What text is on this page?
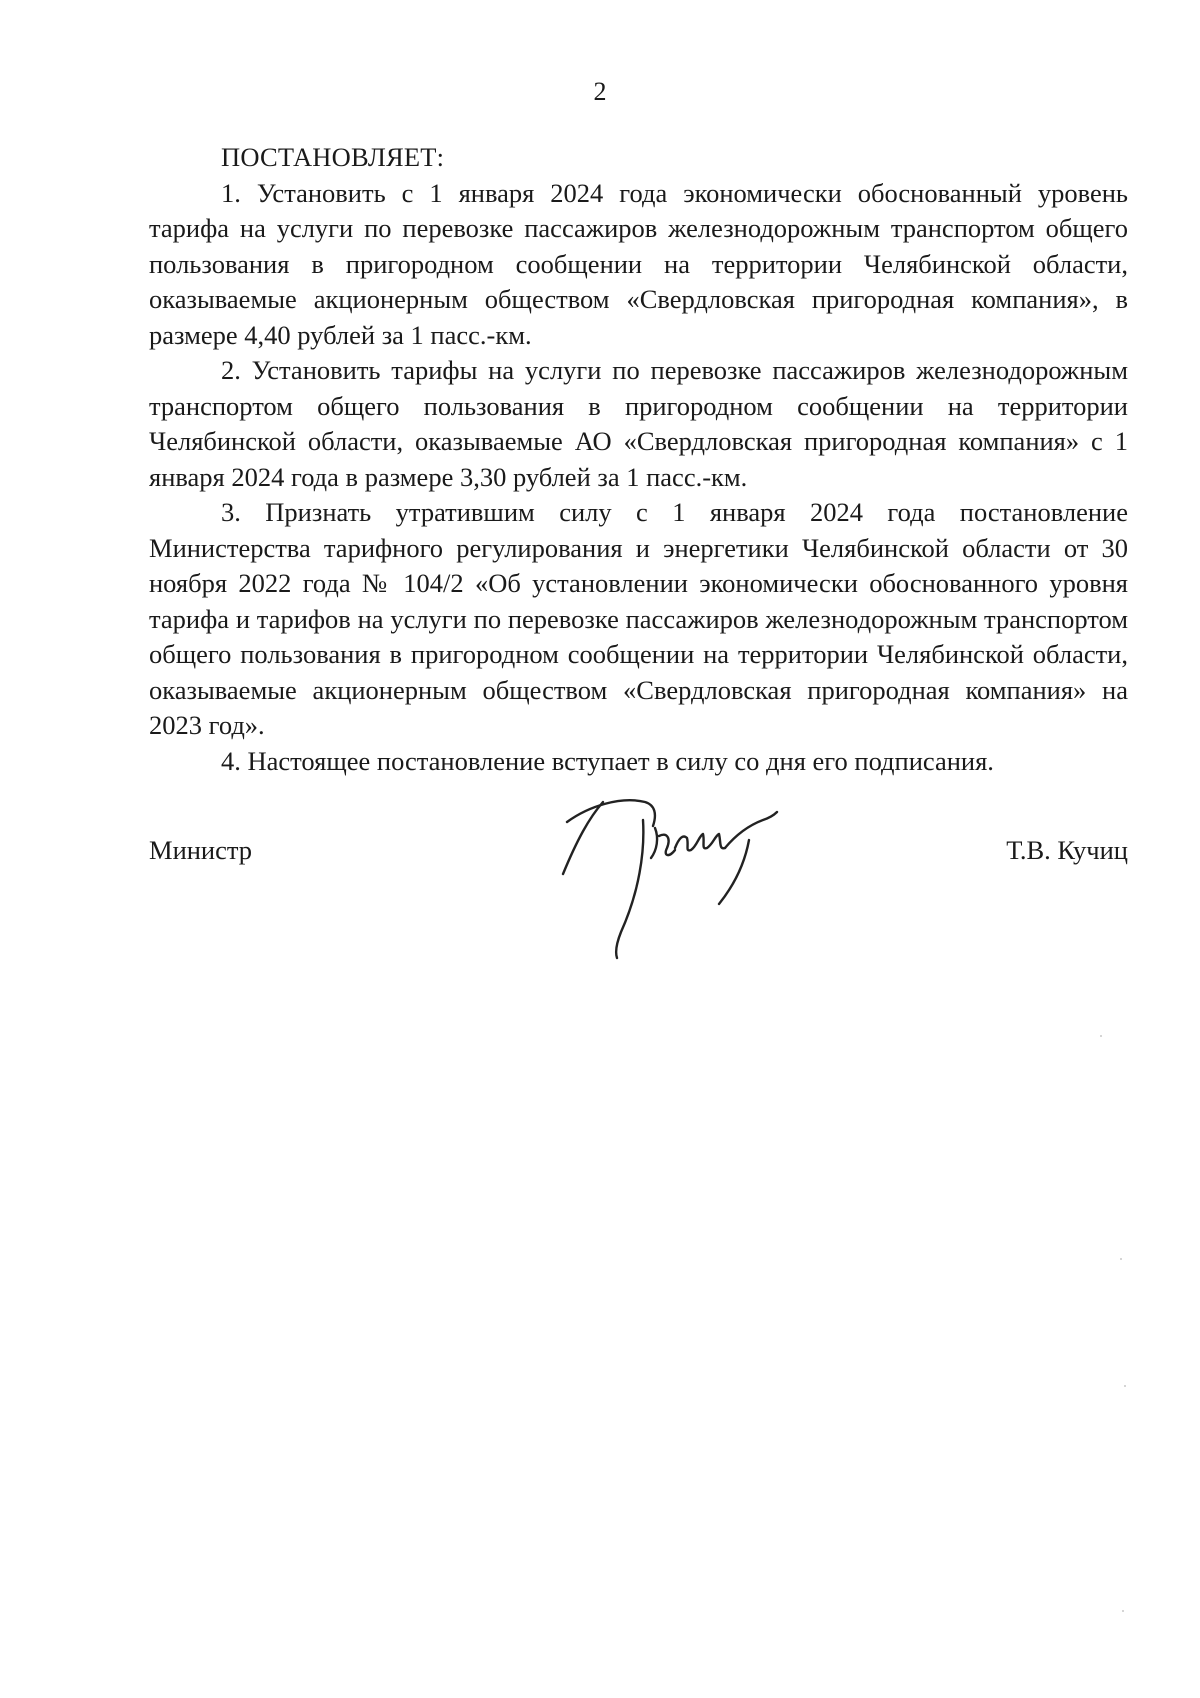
2

ПОСТАНОВЛЯЕТ:

1. Установить с 1 января 2024 года экономически обоснованный уровень тарифа на услуги по перевозке пассажиров железнодорожным транспортом общего пользования в пригородном сообщении на территории Челябинской области, оказываемые акционерным обществом «Свердловская пригородная компания», в размере 4,40 рублей за 1 пасс.-км.

2. Установить тарифы на услуги по перевозке пассажиров железнодорожным транспортом общего пользования в пригородном сообщении на территории Челябинской области, оказываемые АО «Свердловская пригородная компания» с 1 января 2024 года в размере 3,30 рублей за 1 пасс.-км.

3. Признать утратившим силу с 1 января 2024 года постановление Министерства тарифного регулирования и энергетики Челябинской области от 30 ноября 2022 года № 104/2 «Об установлении экономически обоснованного уровня тарифа и тарифов на услуги по перевозке пассажиров железнодорожным транспортом общего пользования в пригородном сообщении на территории Челябинской области, оказываемые акционерным обществом «Свердловская пригородная компания» на 2023 год».

4. Настоящее постановление вступает в силу со дня его подписания.

Министр	Т.В. Кучиц
